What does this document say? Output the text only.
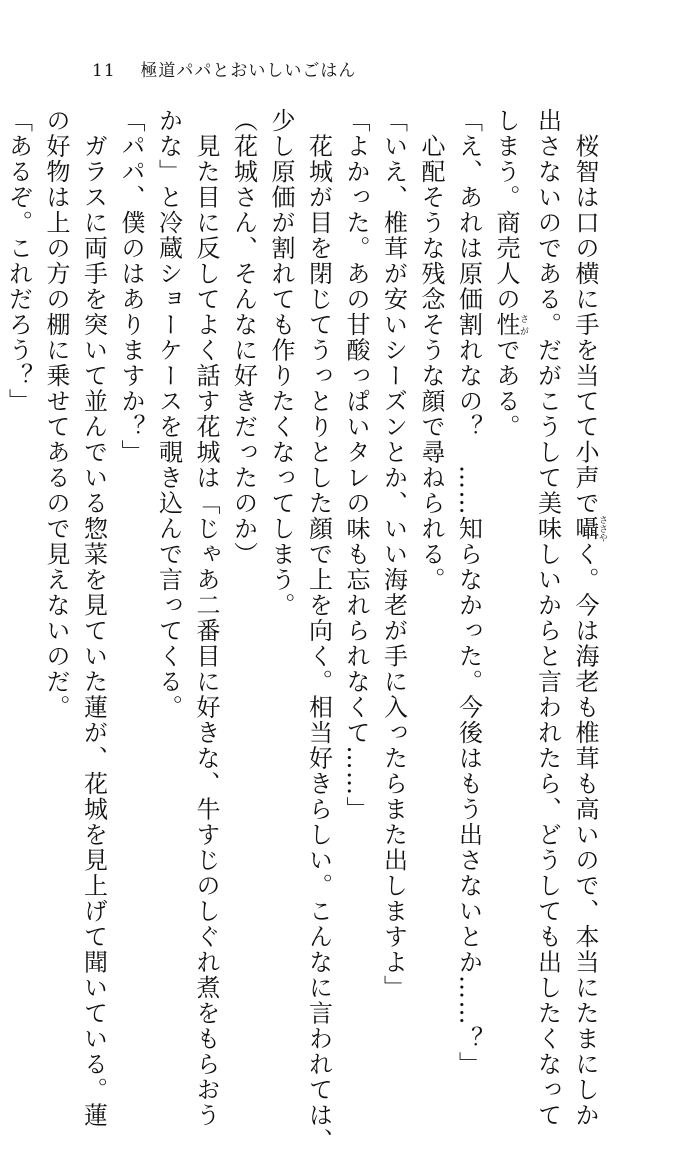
11 極道パパとおいしいごはん
　桜智は口の横に手を当てて小声で囁ささやく。今は海老も椎茸も高いので、本当にたまにしか
出さないのである。だがこうして美味しいからと言われたら、どうしても出したくなって
しまう。商売人の性さがである。
「え、あれは原価割れなの？　……知らなかった。今後はもう出さないとか……？」
　心配そうな残念そうな顔で尋ねられる。
「いえ、椎茸が安いシーズンとか、いい海老が手に入ったらまた出しますよ」
「よかった。あの甘酸っぱいタレの味も忘れられなくて……」
　花城が目を閉じてうっとりとした顔で上を向く。相当好きらしい。こんなに言われては、
少し原価が割れても作りたくなってしまう。
（花城さん、そんなに好きだったのか）
　見た目に反してよく話す花城は「じゃあ二番目に好きな、牛すじのしぐれ煮をもらおう
かな」と冷蔵ショーケースを覗き込んで言ってくる。
「パパ、僕のはありますか？」
　ガラスに両手を突いて並んでいる惣菜を見ていた蓮が、花城を見上げて聞いている。蓮
の好物は上の方の棚に乗せてあるので見えないのだ。
「あるぞ。これだろう？」
